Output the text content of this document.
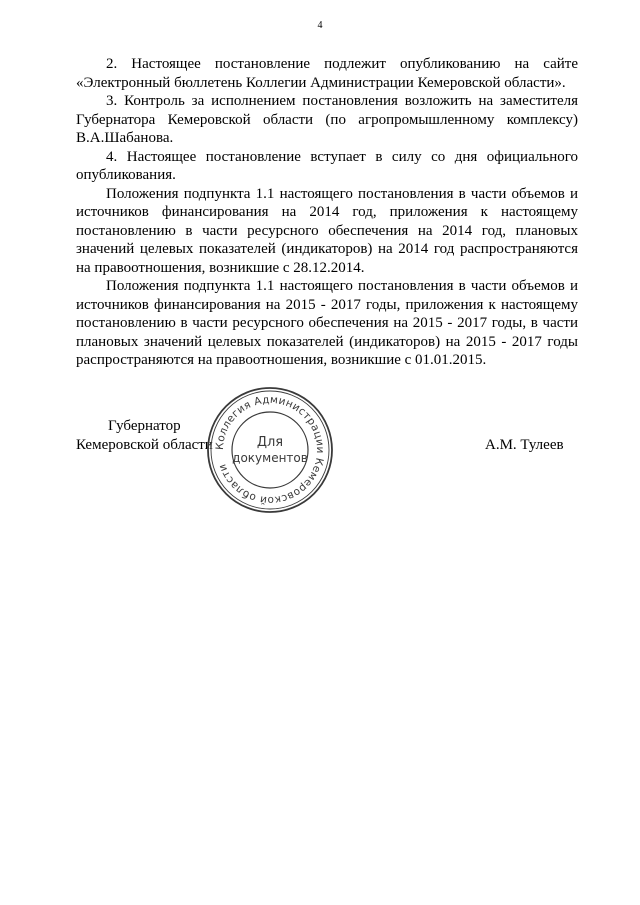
4

2. Настоящее постановление подлежит опубликованию на сайте «Электронный бюллетень Коллегии Администрации Кемеровской области».

3. Контроль за исполнением постановления возложить на заместителя Губернатора Кемеровской области (по агропромышленному комплексу) В.А.Шабанова.

4. Настоящее постановление вступает в силу со дня официального опубликования.

Положения подпункта 1.1 настоящего постановления в части объемов и источников финансирования на 2014 год, приложения к настоящему постановлению в части ресурсного обеспечения на 2014 год, плановых значений целевых показателей (индикаторов) на 2014 год распространяются на правоотношения, возникшие с 28.12.2014.

Положения подпункта 1.1 настоящего постановления в части объемов и источников финансирования на 2015 - 2017 годы, приложения к настоящему постановлению в части ресурсного обеспечения на 2015 - 2017 годы, в части плановых значений целевых показателей (индикаторов) на 2015 - 2017 годы распространяются на правоотношения, возникшие с 01.01.2015.

Губернатор
Кемеровской области	А.М. Тулеев
Коллегия Администрации Кемеровской области
Для
документов
